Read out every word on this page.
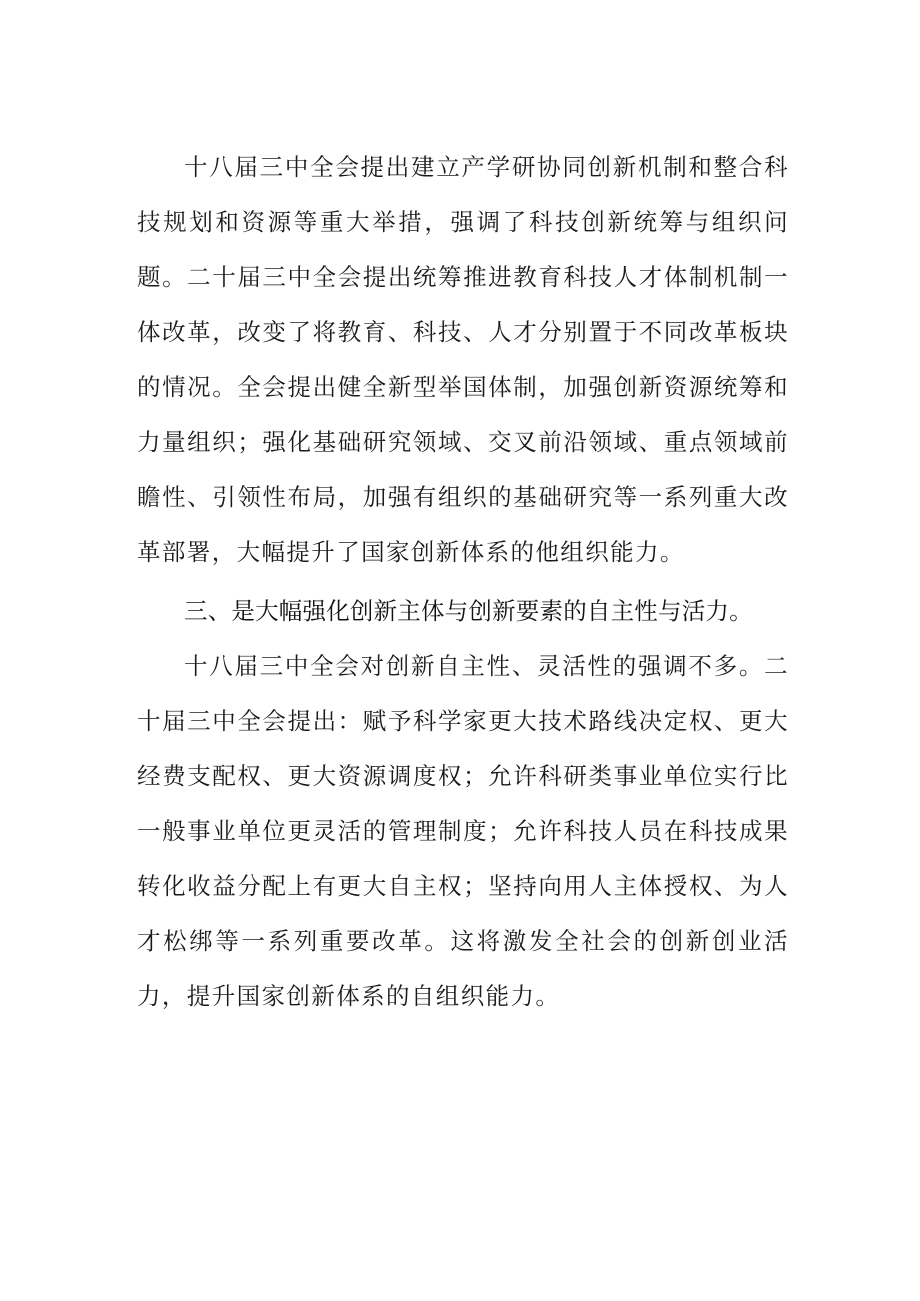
十八届三中全会提出建立产学研协同创新机制和整合科技规划和资源等重大举措，强调了科技创新统筹与组织问题。二十届三中全会提出统筹推进教育科技人才体制机制一体改革，改变了将教育、科技、人才分别置于不同改革板块的情况。全会提出健全新型举国体制，加强创新资源统筹和力量组织；强化基础研究领域、交叉前沿领域、重点领域前瞻性、引领性布局，加强有组织的基础研究等一系列重大改革部署，大幅提升了国家创新体系的他组织能力。

三、是大幅强化创新主体与创新要素的自主性与活力。

十八届三中全会对创新自主性、灵活性的强调不多。二十届三中全会提出：赋予科学家更大技术路线决定权、更大经费支配权、更大资源调度权；允许科研类事业单位实行比一般事业单位更灵活的管理制度；允许科技人员在科技成果转化收益分配上有更大自主权；坚持向用人主体授权、为人才松绑等一系列重要改革。这将激发全社会的创新创业活力，提升国家创新体系的自组织能力。
